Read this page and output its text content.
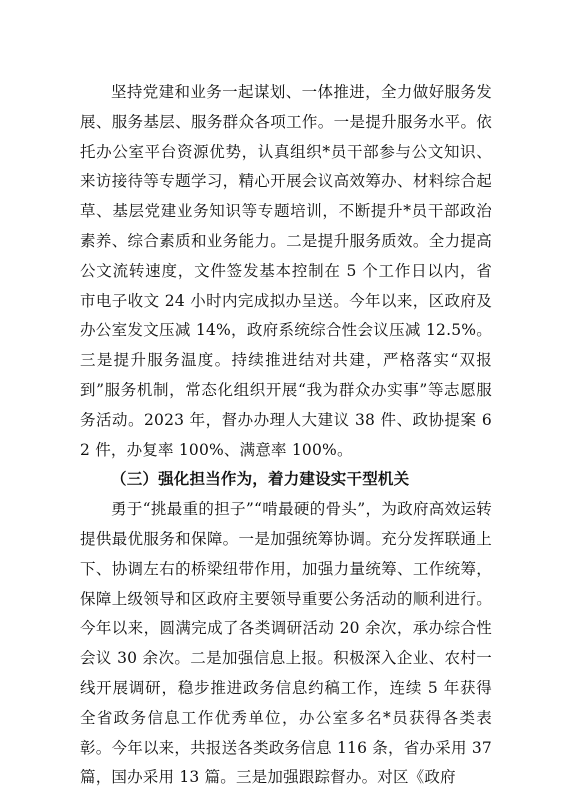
坚持党建和业务一起谋划、一体推进，全力做好服务发展、服务基层、服务群众各项工作。一是提升服务水平。依托办公室平台资源优势，认真组织*员干部参与公文知识、来访接待等专题学习，精心开展会议高效筹办、材料综合起草、基层党建业务知识等专题培训，不断提升*员干部政治素养、综合素质和业务能力。二是提升服务质效。全力提高公文流转速度，文件签发基本控制在 5 个工作日以内，省市电子收文 24 小时内完成拟办呈送。今年以来，区政府及办公室发文压减 14%，政府系统综合性会议压减 12.5%。三是提升服务温度。持续推进结对共建，严格落实“双报到”服务机制，常态化组织开展“我为群众办实事”等志愿服务活动。2023 年，督办办理人大建议 38 件、政协提案 62 件，办复率 100%、满意率 100%。

（三）强化担当作为，着力建设实干型机关

勇于“挑最重的担子”“啃最硬的骨头”，为政府高效运转提供最优服务和保障。一是加强统筹协调。充分发挥联通上下、协调左右的桥梁纽带作用，加强力量统筹、工作统筹，保障上级领导和区政府主要领导重要公务活动的顺利进行。今年以来，圆满完成了各类调研活动 20 余次，承办综合性会议 30 余次。二是加强信息上报。积极深入企业、农村一线开展调研，稳步推进政务信息约稿工作，连续 5 年获得全省政务信息工作优秀单位，办公室多名*员获得各类表彰。今年以来，共报送各类政务信息 116 条，省办采用 37 篇，国办采用 13 篇。三是加强跟踪督办。对区《政府
